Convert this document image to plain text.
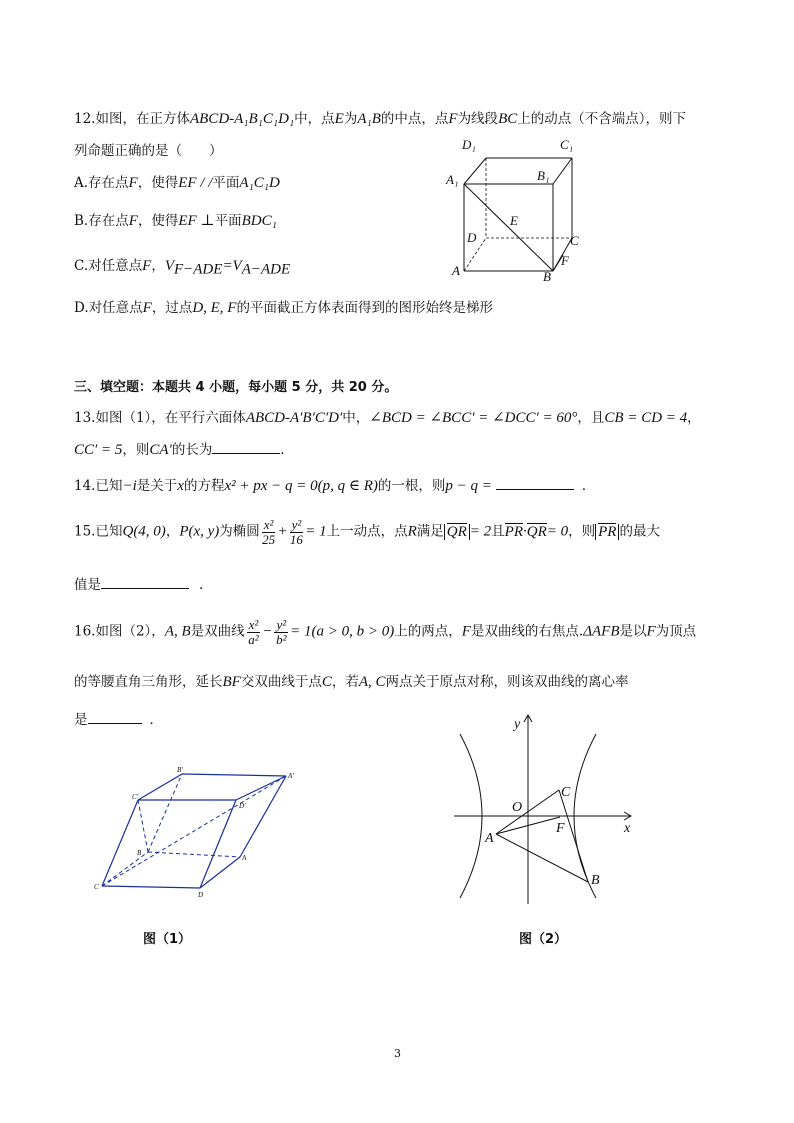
12.如图，在正方体ABCD-A₁B₁C₁D₁中，点E为A₁B的中点，点F为线段BC上的动点（不含端点），则下
列命题正确的是（　　）
A.存在点F，使得EF / /平面A₁C₁D
B.存在点F，使得EF ⊥平面BDC₁
C.对任意点F，$V_{F-ADE}=V_{A-ADE}$
D.对任意点F，过点D, E, F的平面截正方体表面得到的图形始终是梯形
D₁	C₁
A₁	B₁
E
D	C
A	B
F
三、填空题：本题共 4 小题，每小题 5 分，共 20 分。
13.如图（1），在平行六面体ABCD-A′B′C′D′中，∠BCD = ∠BCC′ = ∠DCC′ = 60°，且CB = CD = 4，
CC′ = 5，则CA′的长为	．
14.已知−i是关于x的方程x² + px − q = 0(p, q ∈ R)的一根，则p − q =	．
15.已知Q(4, 0)，P(x, y)为椭圆 $\frac{\text{x²}}{25} + \frac{\text{y²}}{16} = 1$上一动点，点R满足 QR = 2且PR·QR= 0，则 PR 的最大
值是	．
16.如图（2），A, B是双曲线 $\frac{\text{x²}}{\text{a²}} - \frac{\text{y²}}{\text{b²}} = 1(a > 0$, b > 0)上的两点，F是双曲线的右焦点.ΔAFB是以F为顶点
的等腰直角三角形，延长BF交双曲线于点C，若A, C两点关于原点对称，则该双曲线的离心率
是	．
B′
A′
C′
D′
B
A
C
D
y
x
O
C
F
A
B
图（1）	图（2）
3
